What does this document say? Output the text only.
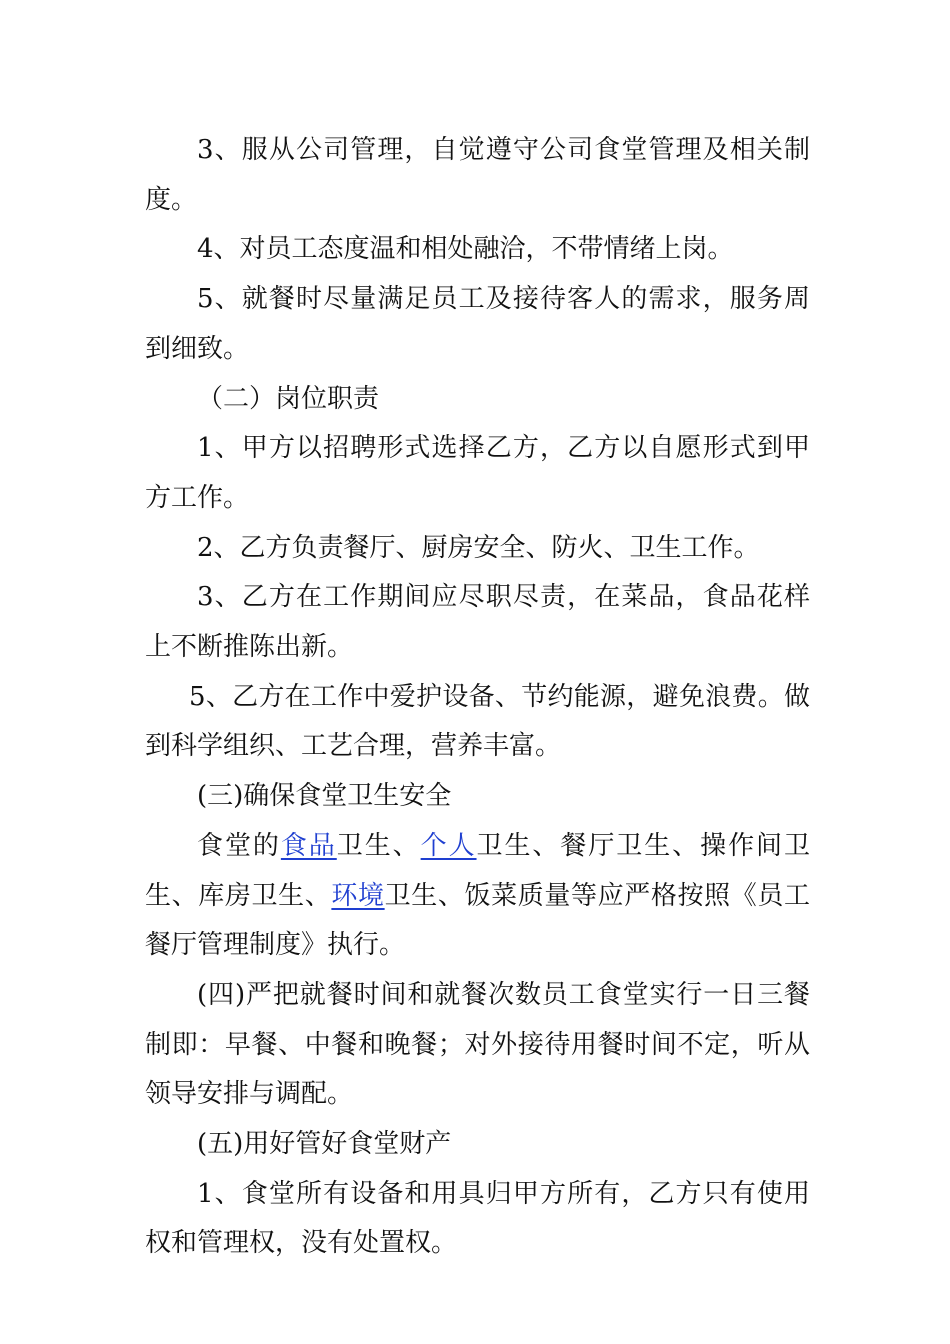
3、服从公司管理，自觉遵守公司食堂管理及相关制度。

4、对员工态度温和相处融洽，不带情绪上岗。

5、就餐时尽量满足员工及接待客人的需求，服务周到细致。

（二）岗位职责

1、甲方以招聘形式选择乙方，乙方以自愿形式到甲方工作。

2、乙方负责餐厅、厨房安全、防火、卫生工作。

3、乙方在工作期间应尽职尽责，在菜品，食品花样上不断推陈出新。

5、乙方在工作中爱护设备、节约能源，避免浪费。做到科学组织、工艺合理，营养丰富。

(三)确保食堂卫生安全

食堂的食品卫生、个人卫生、餐厅卫生、操作间卫生、库房卫生、环境卫生、饭菜质量等应严格按照《员工餐厅管理制度》执行。

(四)严把就餐时间和就餐次数员工食堂实行一日三餐制即：早餐、中餐和晚餐；对外接待用餐时间不定，听从领导安排与调配。

(五)用好管好食堂财产

1、食堂所有设备和用具归甲方所有，乙方只有使用权和管理权，没有处置权。
